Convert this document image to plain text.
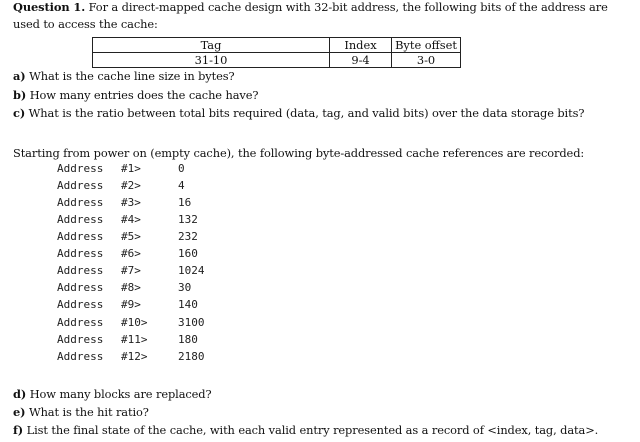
Question 1. For a direct-mapped cache design with 32-bit address, the following bits of the address are
used to access the cache:
Tag	Index	Byte offset
31-10	9-4	3-0
a) What is the cache line size in bytes?
b) How many entries does the cache have?
c) What is the ratio between total bits required (data, tag, and valid bits) over the data storage bits?
Starting from power on (empty cache), the following byte-addressed cache references are recorded:
Address #1>	0
Address #2>	4
Address #3>	16
Address #4>	132
Address #5>	232
Address #6>	160
Address #7>	1024
Address #8>	30
Address #9>	140
Address #10>	3100
Address #11>	180
Address #12>	2180
d) How many blocks are replaced?
e) What is the hit ratio?
f) List the final state of the cache, with each valid entry represented as a record of <index, tag, data>.
